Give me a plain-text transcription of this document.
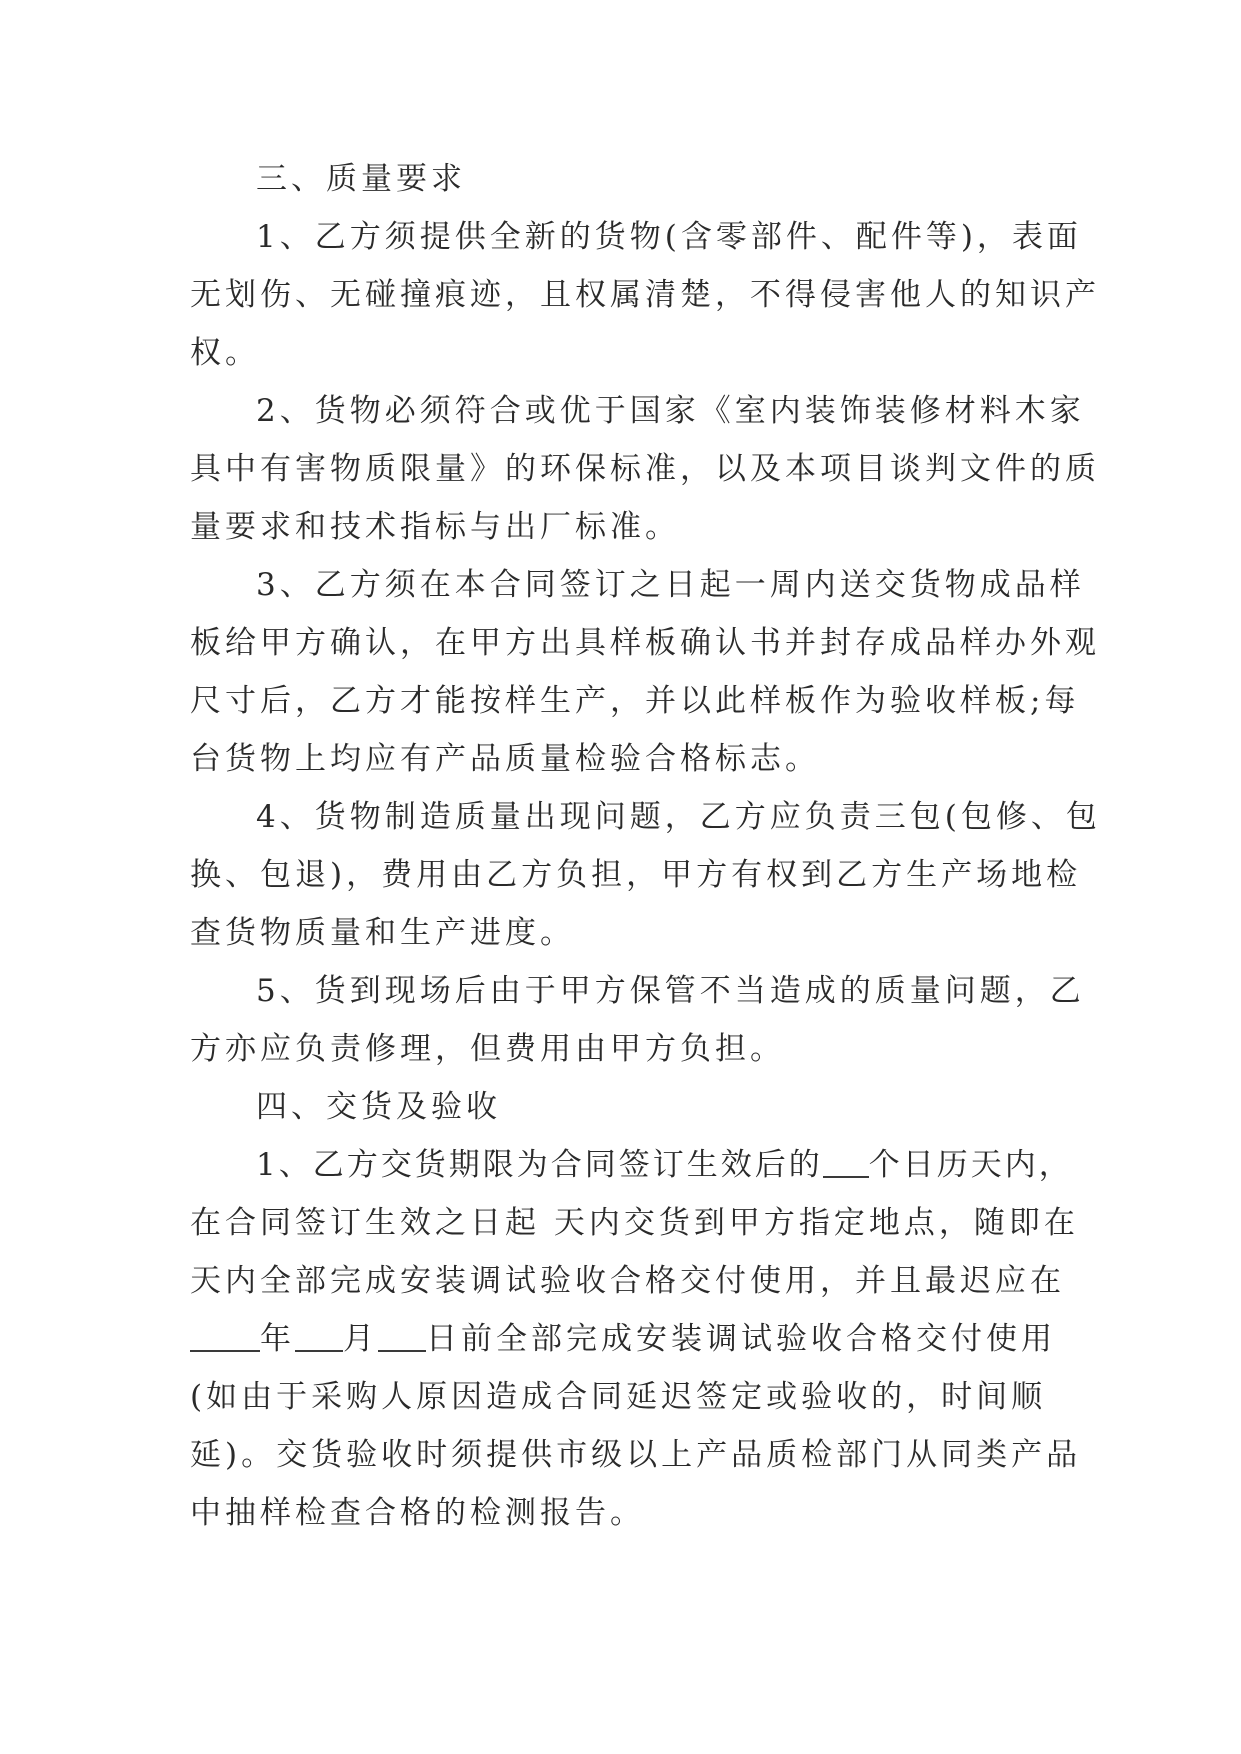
三、质量要求
1、乙方须提供全新的货物(含零部件、配件等)，表面
无划伤、无碰撞痕迹，且权属清楚，不得侵害他人的知识产
权。
2、货物必须符合或优于国家《室内装饰装修材料木家
具中有害物质限量》的环保标准，以及本项目谈判文件的质
量要求和技术指标与出厂标准。
3、乙方须在本合同签订之日起一周内送交货物成品样
板给甲方确认，在甲方出具样板确认书并封存成品样办外观
尺寸后，乙方才能按样生产，并以此样板作为验收样板;每
台货物上均应有产品质量检验合格标志。
4、货物制造质量出现问题，乙方应负责三包(包修、包
换、包退)，费用由乙方负担，甲方有权到乙方生产场地检
查货物质量和生产进度。
5、货到现场后由于甲方保管不当造成的质量问题，乙
方亦应负责修理，但费用由甲方负担。
四、交货及验收
1、乙方交货期限为合同签订生效后的 个日历天内，
在合同签订生效之日起 天内交货到甲方指定地点，随即在
天内全部完成安装调试验收合格交付使用，并且最迟应在
年 月 日前全部完成安装调试验收合格交付使用
(如由于采购人原因造成合同延迟签定或验收的，时间顺
延)。交货验收时须提供市级以上产品质检部门从同类产品
中抽样检查合格的检测报告。
